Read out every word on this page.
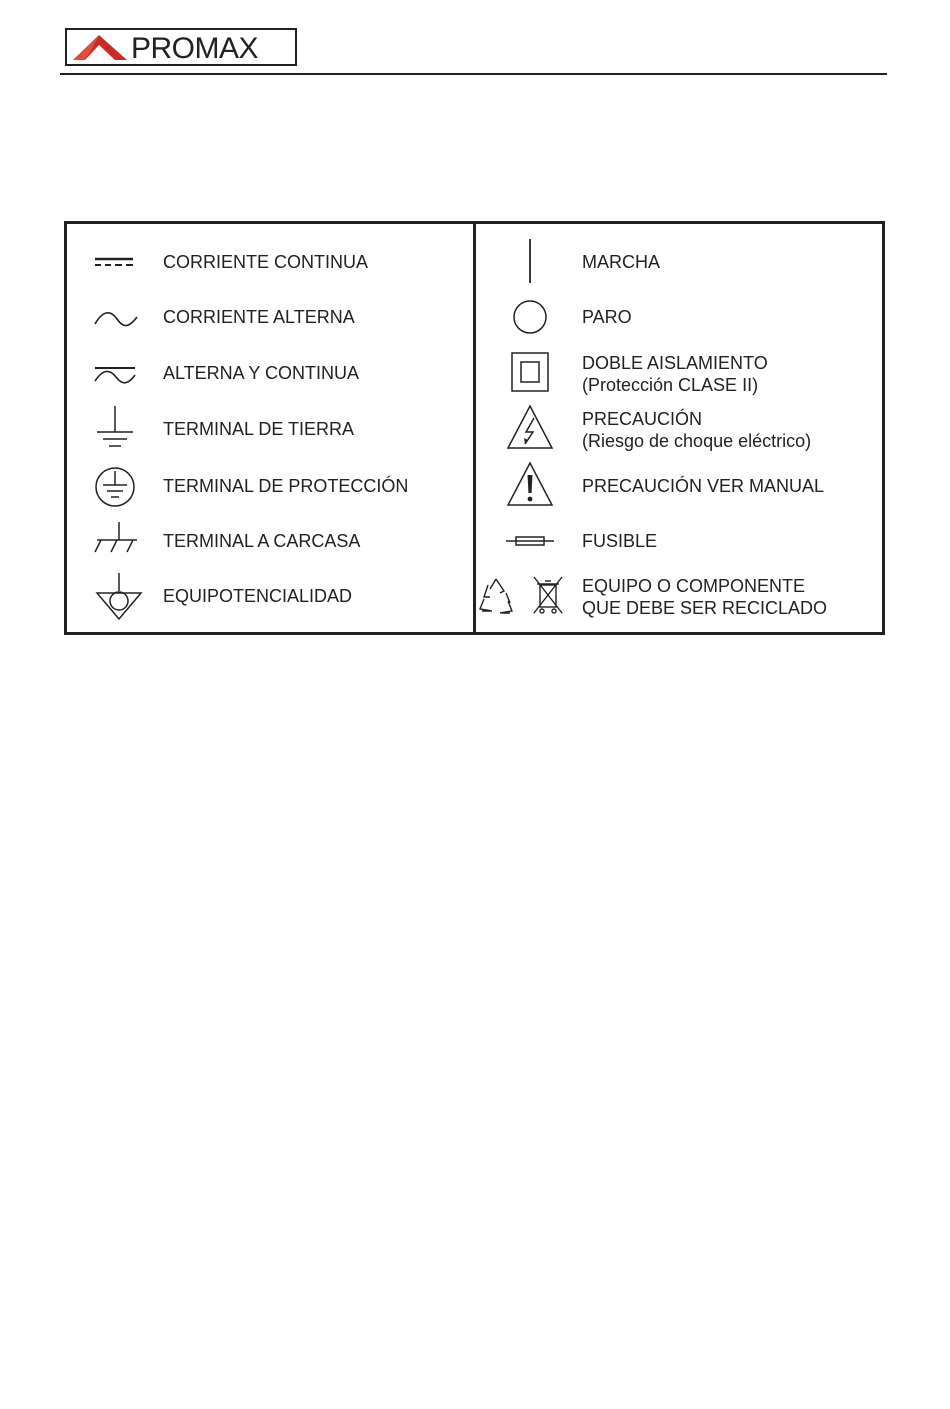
PROMAX
CORRIENTE CONTINUA
CORRIENTE ALTERNA
ALTERNA Y CONTINUA
TERMINAL DE TIERRA
TERMINAL DE PROTECCIÓN
TERMINAL A CARCASA
EQUIPOTENCIALIDAD
MARCHA
PARO
DOBLE AISLAMIENTO
(Protección CLASE II)
PRECAUCIÓN
(Riesgo de choque eléctrico)
PRECAUCIÓN VER MANUAL
FUSIBLE
EQUIPO O COMPONENTE
QUE DEBE SER RECICLADO
